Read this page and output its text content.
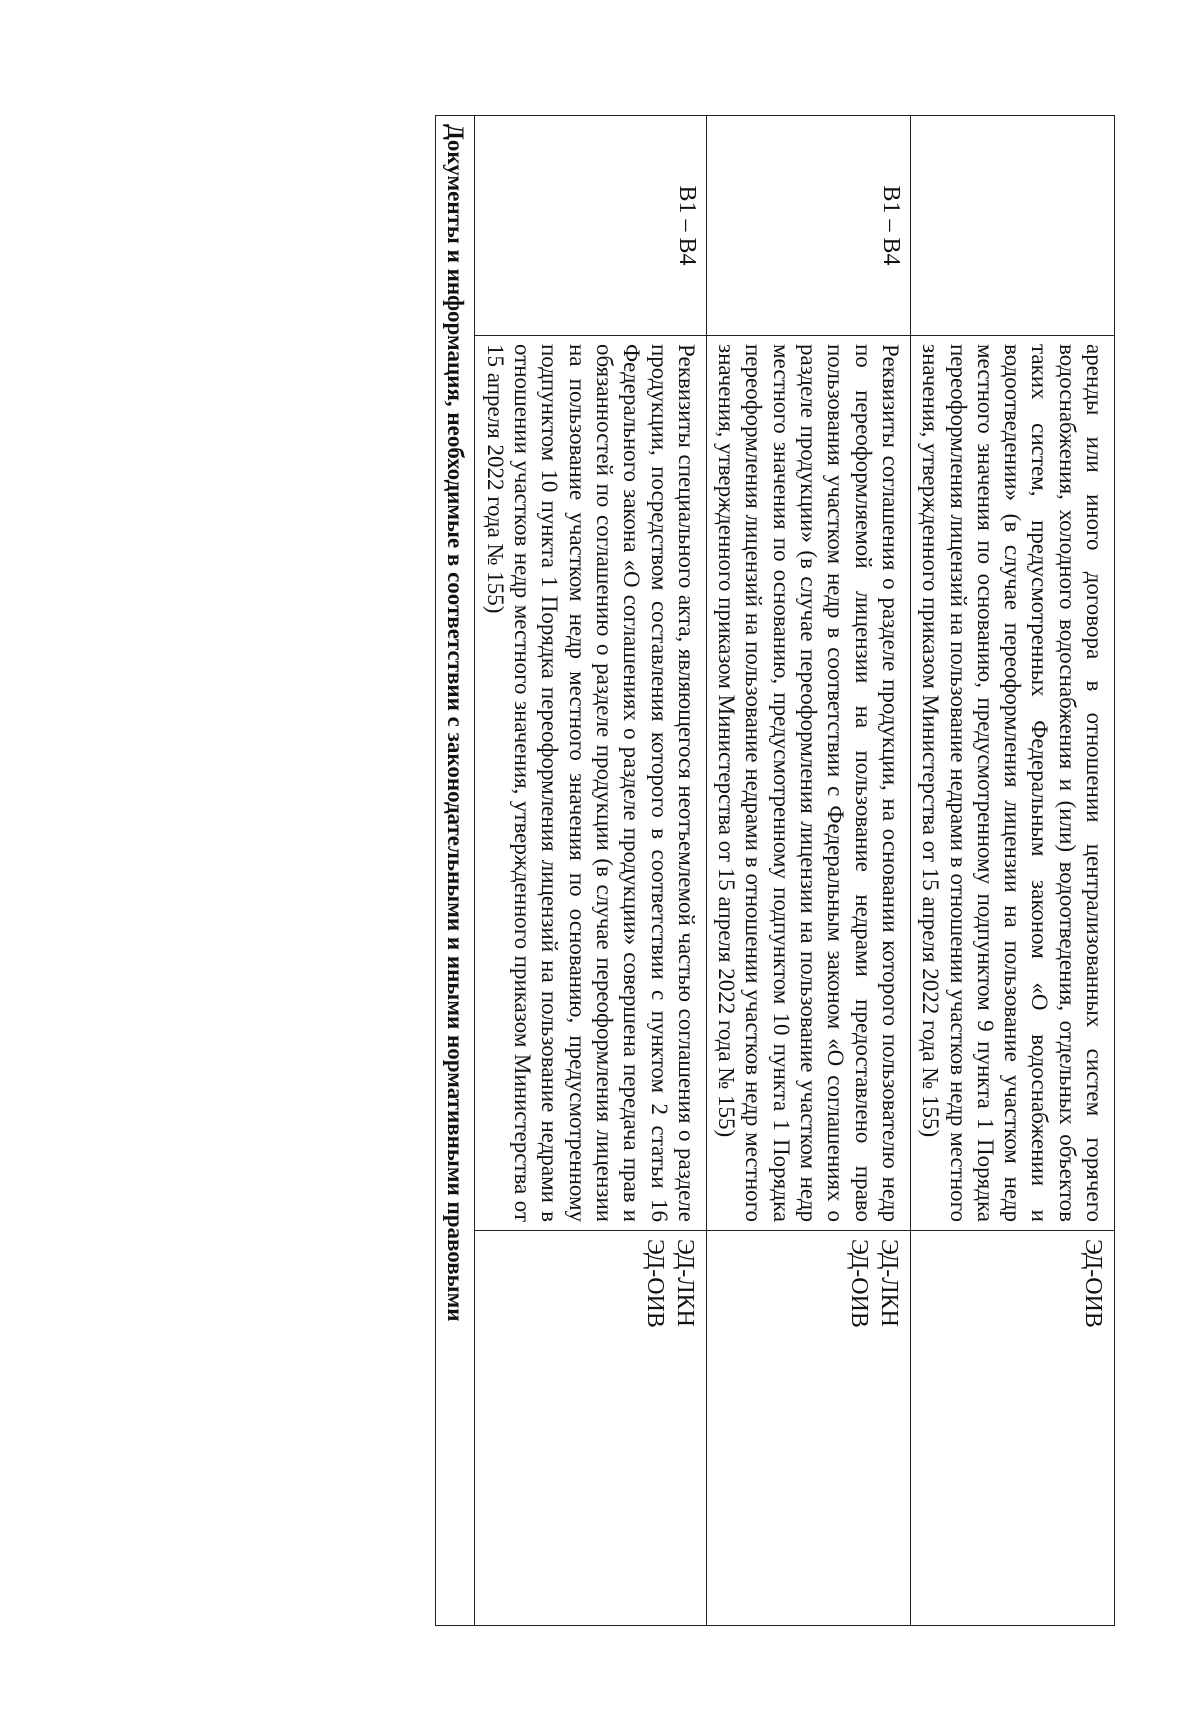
	аренды или иного договора в отношении централизованных систем горячего водоснабжения, холодного водоснабжения и (или) водоотведения, отдельных объектов таких систем, предусмотренных Федеральным законом «О водоснабжении и водоотведении» (в случае переоформления лицензии на пользование участком недр местного значения по основанию, предусмотренному подпунктом 9 пункта 1 Порядка переоформления лицензий на пользование недрами в отношении участков недр местного значения, утвержденного приказом Министерства от 15 апреля 2022 года № 155)	ЭД-ОИВ

В1 – В4	Реквизиты соглашения о разделе продукции, на основании которого пользователю недр по переоформляемой лицензии на пользование недрами предоставлено право пользования участком недр в соответствии с Федеральным законом «О соглашениях о разделе продукции» (в случае переоформления лицензии на пользование участком недр местного значения по основанию, предусмотренному подпунктом 10 пункта 1 Порядка переоформления лицензий на пользование недрами в отношении участков недр местного значения, утвержденного приказом Министерства от 15 апреля 2022 года № 155)	ЭД-ЛКН
ЭД-ОИВ

В1 – В4	Реквизиты специального акта, являющегося неотъемлемой частью соглашения о разделе продукции, посредством составления которого в соответствии с пунктом 2 статьи 16 Федерального закона «О соглашениях о разделе продукции» совершена передача прав и обязанностей по соглашению о разделе продукции (в случае переоформления лицензии на пользование участком недр местного значения по основанию, предусмотренному подпунктом 10 пункта 1 Порядка переоформления лицензий на пользование недрами в отношении участков недр местного значения, утвержденного приказом Министерства от 15 апреля 2022 года № 155)	ЭД-ЛКН
ЭД-ОИВ

Документы и информация, необходимые в соответствии с законодательными и иными нормативными правовыми		
